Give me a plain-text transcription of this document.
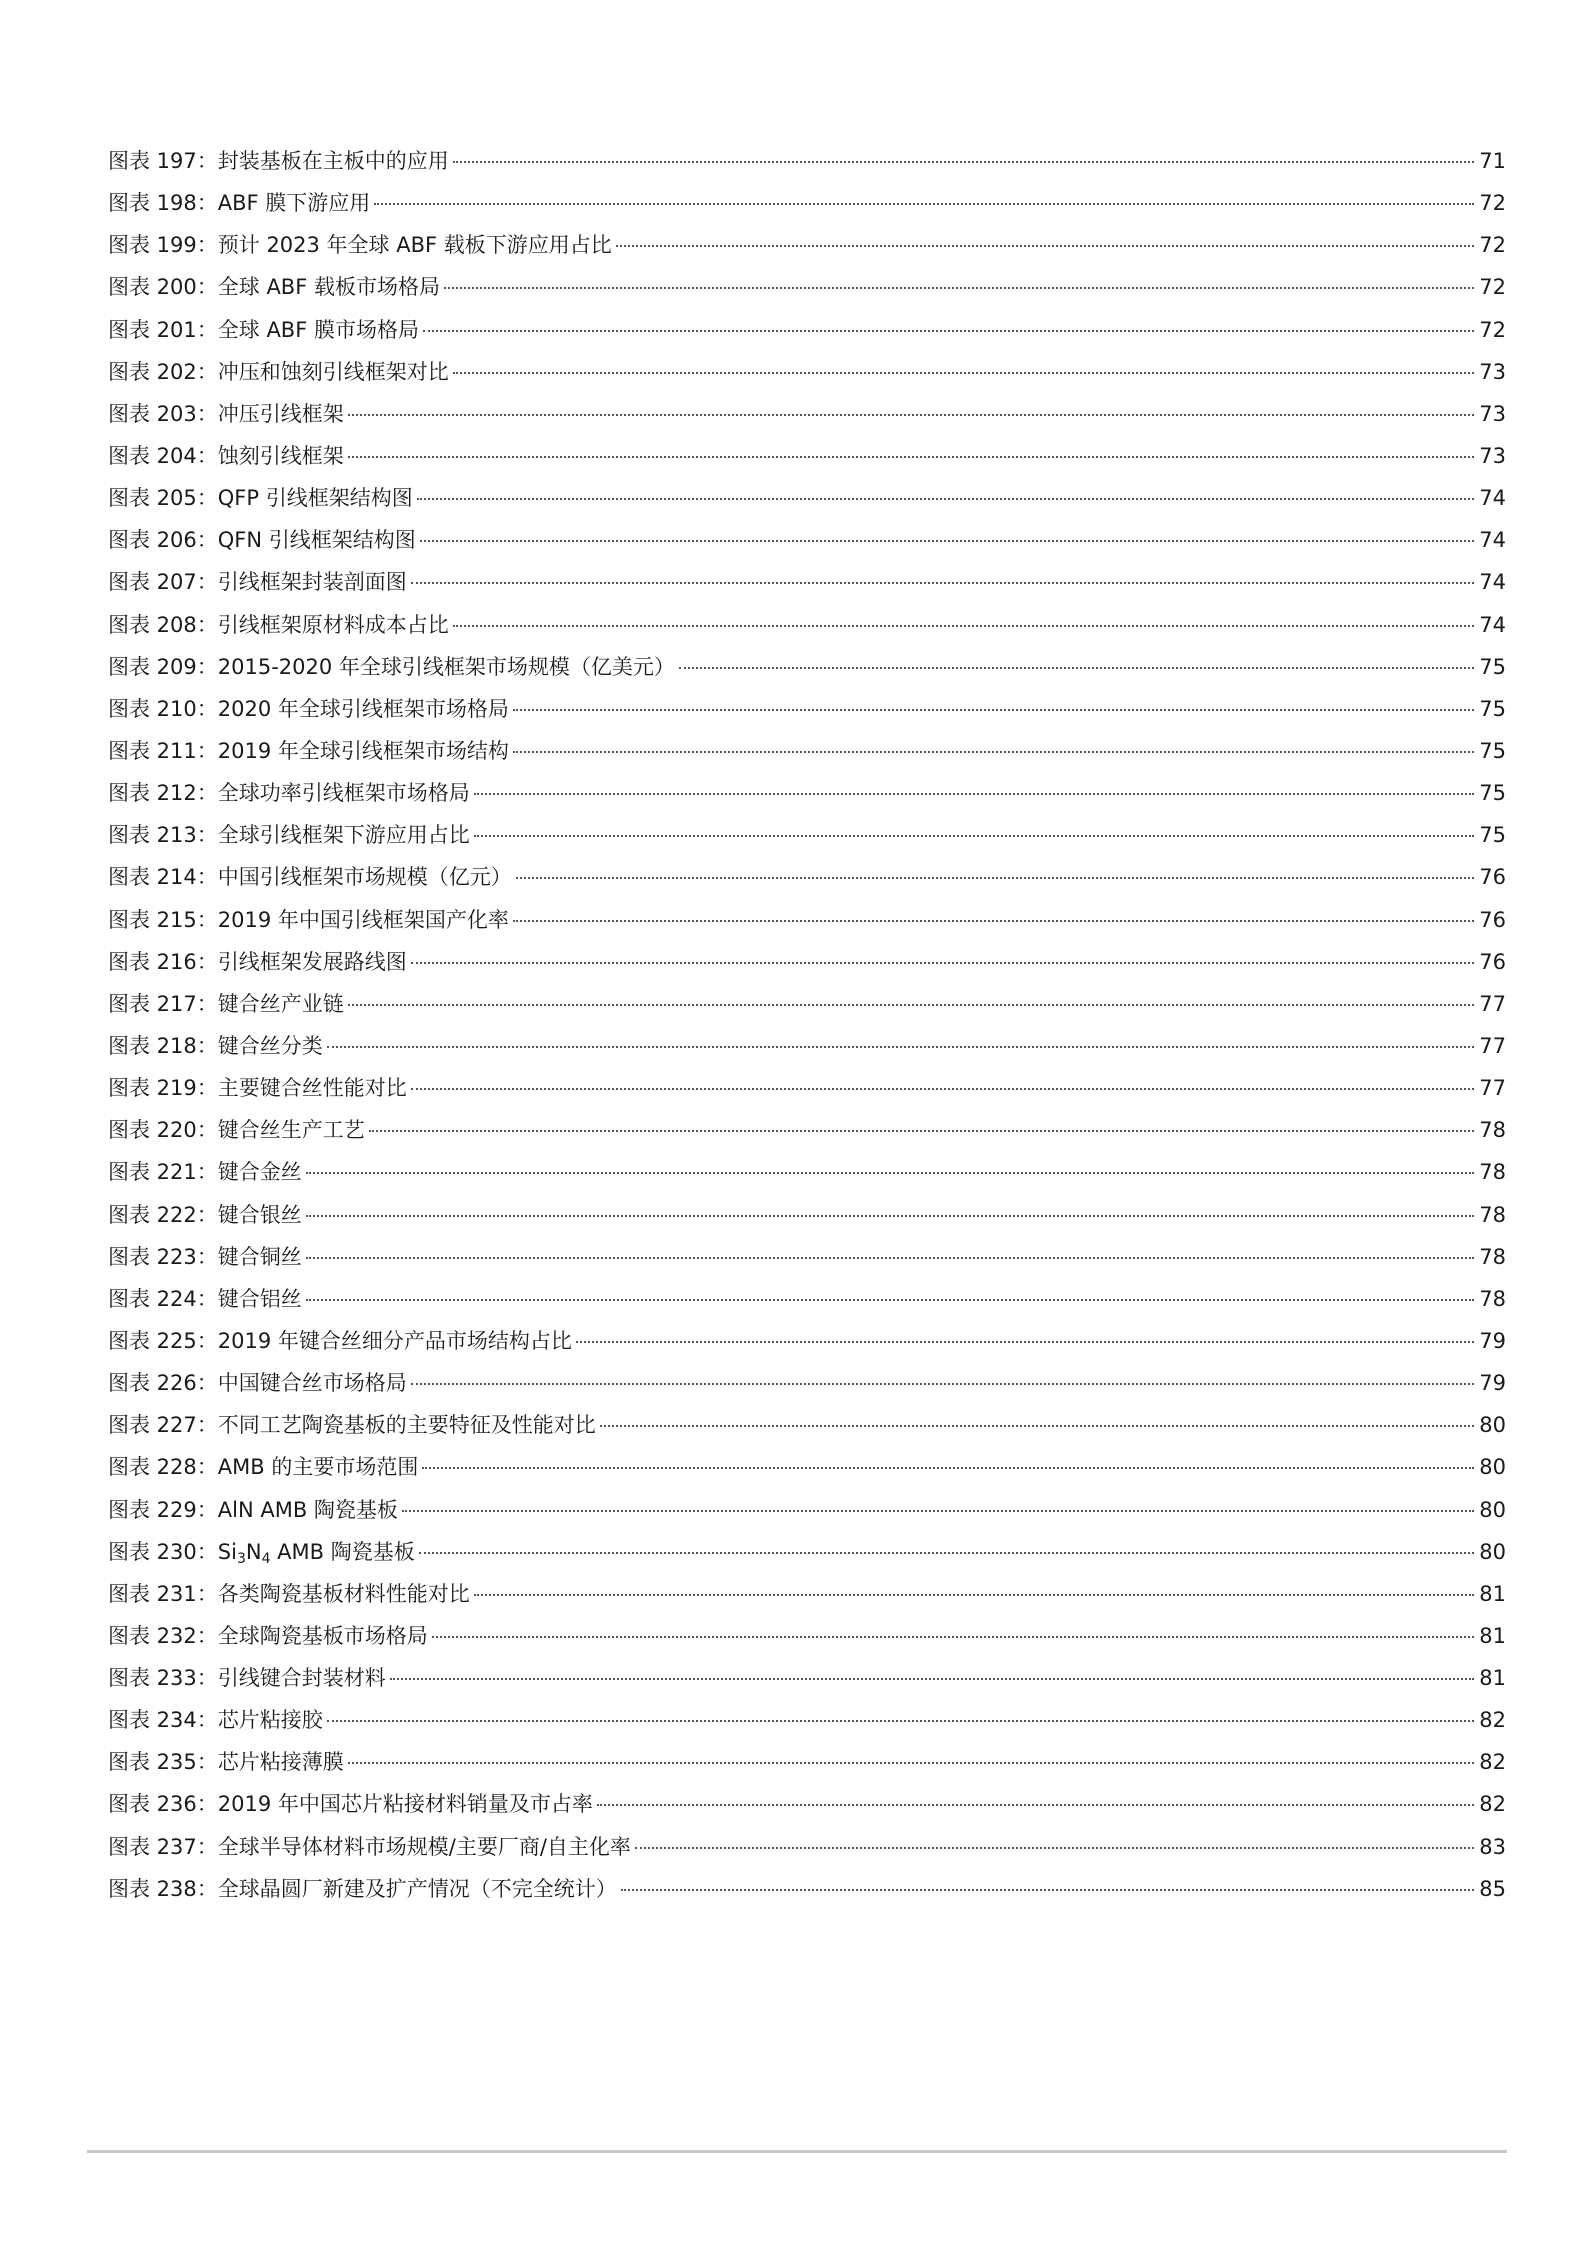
图表 197： 封装基板在主板中的应用	71
图表 198： ABF 膜下游应用	72
图表 199： 预计 2023 年全球 ABF 载板下游应用占比	72
图表 200： 全球 ABF 载板市场格局	72
图表 201： 全球 ABF 膜市场格局	72
图表 202： 冲压和蚀刻引线框架对比	73
图表 203： 冲压引线框架	73
图表 204： 蚀刻引线框架	73
图表 205： QFP 引线框架结构图	74
图表 206： QFN 引线框架结构图	74
图表 207： 引线框架封装剖面图	74
图表 208： 引线框架原材料成本占比	74
图表 209： 2015-2020 年全球引线框架市场规模（亿美元）	75
图表 210： 2020 年全球引线框架市场格局	75
图表 211： 2019 年全球引线框架市场结构	75
图表 212： 全球功率引线框架市场格局	75
图表 213： 全球引线框架下游应用占比	75
图表 214： 中国引线框架市场规模（亿元）	76
图表 215： 2019 年中国引线框架国产化率	76
图表 216： 引线框架发展路线图	76
图表 217： 键合丝产业链	77
图表 218： 键合丝分类	77
图表 219： 主要键合丝性能对比	77
图表 220： 键合丝生产工艺	78
图表 221： 键合金丝	78
图表 222： 键合银丝	78
图表 223： 键合铜丝	78
图表 224： 键合铝丝	78
图表 225： 2019 年键合丝细分产品市场结构占比	79
图表 226： 中国键合丝市场格局	79
图表 227： 不同工艺陶瓷基板的主要特征及性能对比	80
图表 228： AMB 的主要市场范围	80
图表 229： AlN AMB 陶瓷基板	80
图表 230： $Si_3N_4$ AMB 陶瓷基板	80
图表 231： 各类陶瓷基板材料性能对比	81
图表 232： 全球陶瓷基板市场格局	81
图表 233： 引线键合封装材料	81
图表 234： 芯片粘接胶	82
图表 235： 芯片粘接薄膜	82
图表 236： 2019 年中国芯片粘接材料销量及市占率	82
图表 237： 全球半导体材料市场规模/主要厂商/自主化率	83
图表 238： 全球晶圆厂新建及扩产情况（不完全统计）	85
